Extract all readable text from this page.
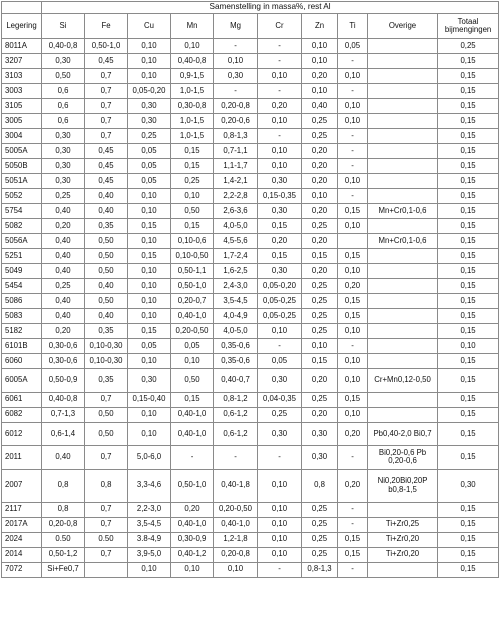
	Samenstelling in massa%, rest Al									
Legering	Si	Fe	Cu	Mn	Mg	Cr	Zn	Ti	Overige	Totaal bijmengingen
8011A	0,40-0,8	0,50-1,0	0,10	0,10	-	-	0,10	0,05		0,25
3207	0,30	0,45	0,10	0,40-0,8	0,10	-	0,10	-		0,15
3103	0,50	0,7	0,10	0,9-1,5	0,30	0,10	0,20	0,10		0,15
3003	0,6	0,7	0,05-0,20	1,0-1,5	-	-	0,10	-		0,15
3105	0,6	0,7	0,30	0,30-0,8	0,20-0,8	0,20	0,40	0,10		0,15
3005	0,6	0,7	0,30	1,0-1,5	0,20-0,6	0,10	0,25	0,10		0,15
3004	0,30	0,7	0,25	1,0-1,5	0,8-1,3	-	0,25	-		0,15
5005A	0,30	0,45	0,05	0,15	0,7-1,1	0,10	0,20	-		0,15
5050B	0,30	0,45	0,05	0,15	1,1-1,7	0,10	0,20	-		0,15
5051A	0,30	0,45	0,05	0,25	1,4-2,1	0,30	0,20	0,10		0,15
5052	0,25	0,40	0,10	0,10	2,2-2,8	0,15-0,35	0,10	-		0,15
5754	0,40	0,40	0,10	0,50	2,6-3,6	0,30	0,20	0,15	Mn+Cr0,1-0,6	0,15
5082	0,20	0,35	0,15	0,15	4,0-5,0	0,15	0,25	0,10		0,15
5056A	0,40	0,50	0,10	0,10-0,6	4,5-5,6	0,20	0,20		Mn+Cr0,1-0,6	0,15
5251	0,40	0,50	0,15	0,10-0,50	1,7-2,4	0,15	0,15	0,15		0,15
5049	0,40	0,50	0,10	0,50-1,1	1,6-2,5	0,30	0,20	0,10		0,15
5454	0,25	0,40	0,10	0,50-1,0	2,4-3,0	0,05-0,20	0,25	0,20		0,15
5086	0,40	0,50	0,10	0,20-0,7	3,5-4,5	0,05-0,25	0,25	0,15		0,15
5083	0,40	0,40	0,10	0,40-1,0	4,0-4,9	0,05-0,25	0,25	0,15		0,15
5182	0,20	0,35	0,15	0,20-0,50	4,0-5,0	0,10	0,25	0,10		0,15
6101B	0,30-0,6	0,10-0,30	0,05	0,05	0,35-0,6	-	0,10	-		0,10
6060	0,30-0,6	0,10-0,30	0,10	0,10	0,35-0,6	0,05	0,15	0,10		0,15
6005A	0,50-0,9	0,35	0,30	0,50	0,40-0,7	0,30	0,20	0,10	Cr+Mn0,12-0,50	0,15
6061	0,40-0,8	0,7	0,15-0,40	0,15	0,8-1,2	0,04-0,35	0,25	0,15		0,15
6082	0,7-1,3	0,50	0,10	0,40-1,0	0,6-1,2	0,25	0,20	0,10		0,15
6012	0,6-1,4	0,50	0,10	0,40-1,0	0,6-1,2	0,30	0,30	0,20	Pb0,40-2,0 Bi0,7	0,15
2011	0,40	0,7	5,0-6,0	-	-	-	0,30	-	Bi0,20-0,6 Pb 0,20-0,6	0,15
2007	0,8	0,8	3,3-4,6	0,50-1,0	0,40-1,8	0,10	0,8	0,20	Ni0,20Bi0,20P b0,8-1,5	0,30
2117	0,8	0,7	2,2-3,0	0,20	0,20-0,50	0,10	0,25	-		0,15
2017A	0,20-0,8	0,7	3,5-4,5	0,40-1,0	0,40-1,0	0,10	0,25	-	Ti+Zr0,25	0,15
2024	0.50	0.50	3.8-4,9	0,30-0,9	1,2-1,8	0,10	0,25	0,15	Ti+Zr0,20	0,15
2014	0,50-1,2	0,7	3,9-5,0	0,40-1,2	0,20-0,8	0,10	0,25	0,15	Ti+Zr0,20	0,15
7072	Si+Fe0,7		0,10	0,10	0,10	-	0,8-1,3	-		0,15
